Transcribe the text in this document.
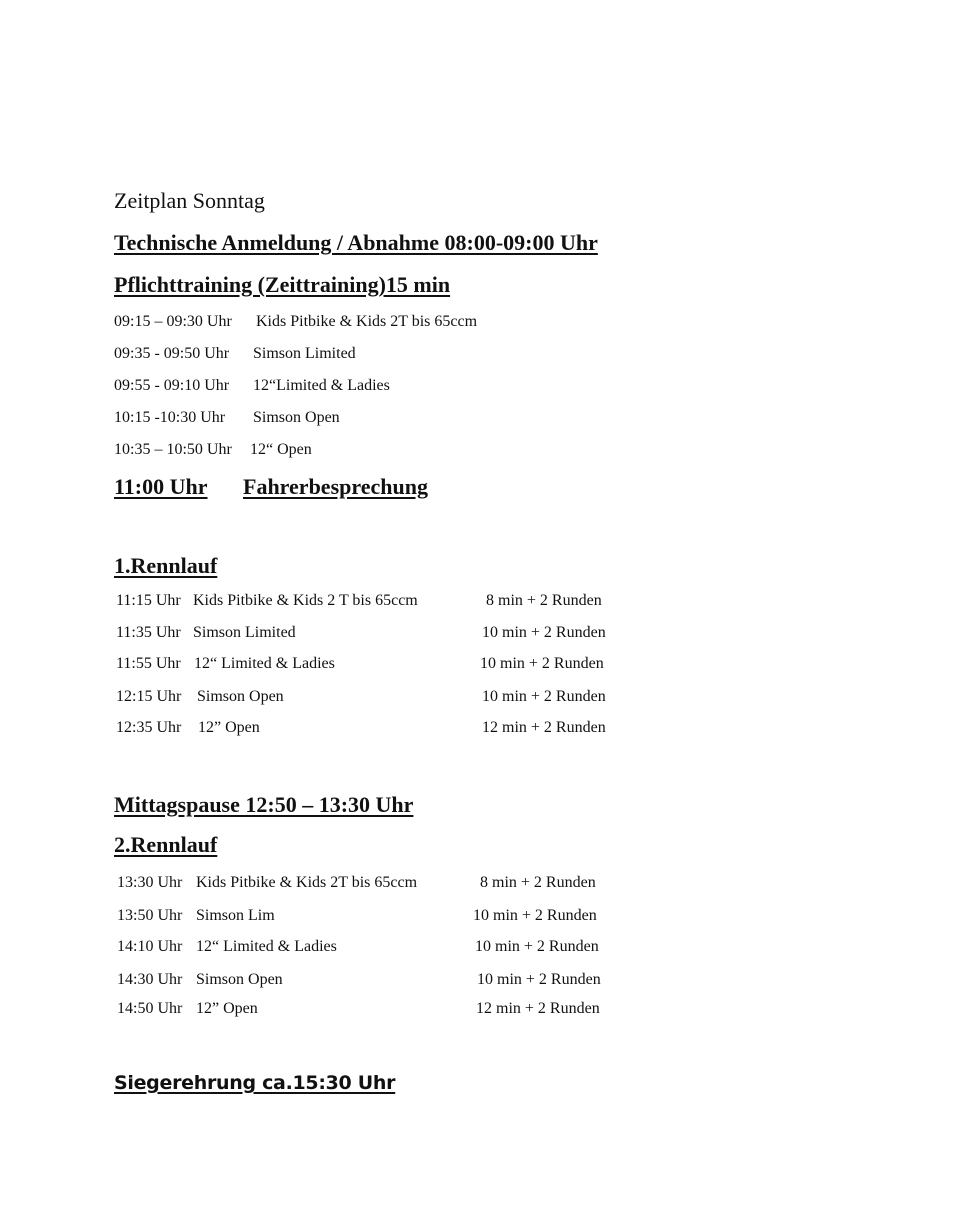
Zeitplan Sonntag
Technische Anmeldung / Abnahme 08:00-09:00 Uhr
Pflichttraining (Zeittraining)15 min
09:15 – 09:30 Uhr Kids Pitbike & Kids 2T bis 65ccm
09:35 - 09:50 Uhr Simson Limited
09:55 - 09:10 Uhr 12“Limited & Ladies
10:15 -10:30 Uhr Simson Open
10:35 – 10:50 Uhr 12“ Open
11:00 Uhr Fahrerbesprechung
1.Rennlauf
11:15 Uhr Kids Pitbike & Kids 2 T bis 65ccm	8 min + 2 Runden
11:35 Uhr Simson Limited	10 min + 2 Runden
11:55 Uhr 12“ Limited & Ladies	10 min + 2 Runden
12:15 Uhr Simson Open	10 min + 2 Runden
12:35 Uhr 12” Open	12 min + 2 Runden
Mittagspause 12:50 – 13:30 Uhr
2.Rennlauf
13:30 Uhr Kids Pitbike & Kids 2T bis 65ccm	8 min + 2 Runden
13:50 Uhr Simson Lim	10 min + 2 Runden
14:10 Uhr 12“ Limited & Ladies	10 min + 2 Runden
14:30 Uhr Simson Open	10 min + 2 Runden
14:50 Uhr 12” Open	12 min + 2 Runden
Siegerehrung ca.15:30 Uhr
